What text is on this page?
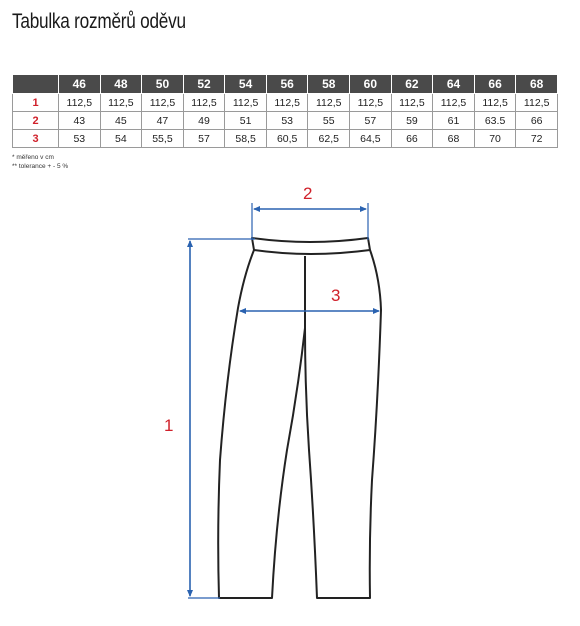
Tabulka rozměrů oděvu
	46	48	50	52	54	56	58	60	62	64	66	68
1	112,5	112,5	112,5	112,5	112,5	112,5	112,5	112,5	112,5	112,5	112,5	112,5
2	43	45	47	49	51	53	55	57	59	61	63.5	66
3	53	54	55,5	57	58,5	60,5	62,5	64,5	66	68	70	72
* měřeno v cm
** tolerance + - 5 %
1
2
3
